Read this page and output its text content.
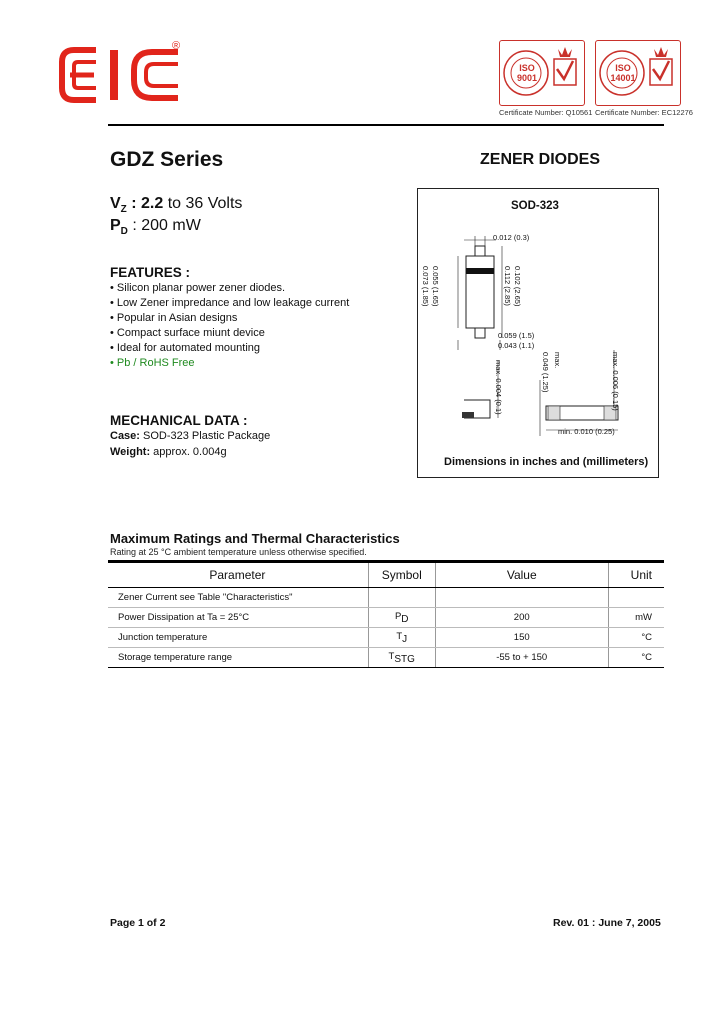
®
ISO
9001
Certificate Number: Q10561
ISO
14001
Certificate Number: EC12276
GDZ Series	ZENER DIODES
$V_Z$ : 2.2 to 36 Volts
$P_D$ : 200 mW
FEATURES :
• Silicon planar power zener diodes.
• Low Zener impredance and low leakage current
• Popular in Asian designs
• Compact surface miunt device
• Ideal for automated mounting
• Pb / RoHS Free
MECHANICAL DATA :
Case: SOD-323 Plastic Package
Weight: approx. 0.004g
SOD-323
0.012 (0.3)
0.073 (1.85) 0.055 (1.65)	0.112 (2.85) 0.102 (2.65)
0.059 (1.5)
0.043 (1.1)
max. 0.004 (0.1)	0.049 (1.25) max.	max. 0.006 (0.15)
min. 0.010 (0.25)
Dimensions in inches and (millimeters)
Maximum Ratings and Thermal Characteristics
Rating at 25 °C ambient temperature unless otherwise specified.
Parameter	Symbol	Value	Unit
Zener Current see Table "Characteristics"			
Power Dissipation at Ta = 25°C	$P_D$	200	mW
Junction temperature	$T_J$	150	°C
Storage temperature range	$T_{STG}$	-55 to + 150	°C
Page 1 of 2	Rev. 01 : June 7, 2005
